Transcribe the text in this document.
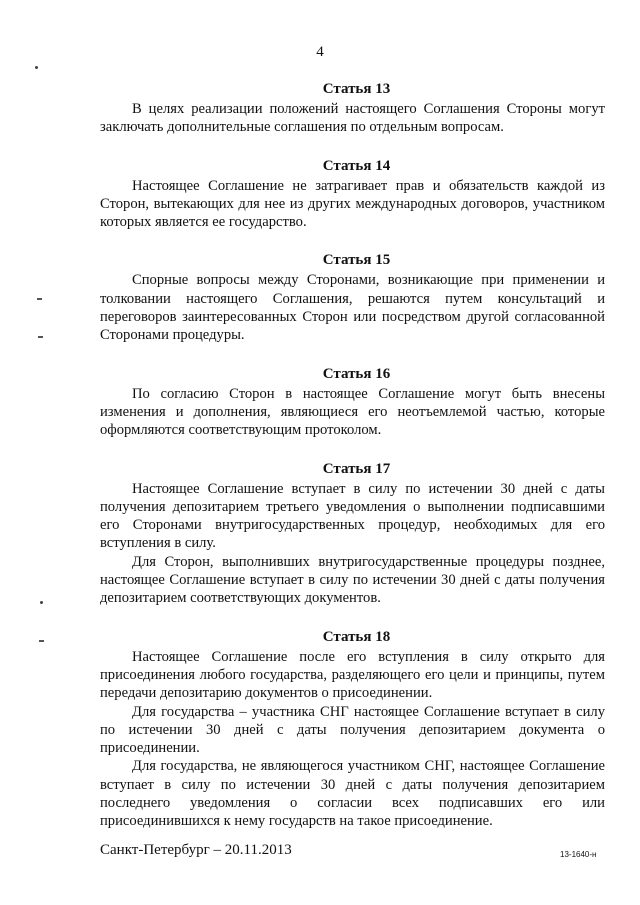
4
Статья 13

В целях реализации положений настоящего Соглашения Стороны могут заключать дополнительные соглашения по отдельным вопросам.

Статья 14

Настоящее Соглашение не затрагивает прав и обязательств каждой из Сторон, вытекающих для нее из других международных договоров, участником которых является ее государство.

Статья 15

Спорные вопросы между Сторонами, возникающие при применении и толковании настоящего Соглашения, решаются путем консультаций и переговоров заинтересованных Сторон или посредством другой согласованной Сторонами процедуры.

Статья 16

По согласию Сторон в настоящее Соглашение могут быть внесены изменения и дополнения, являющиеся его неотъемлемой частью, которые оформляются соответствующим протоколом.

Статья 17

Настоящее Соглашение вступает в силу по истечении 30 дней с даты получения депозитарием третьего уведомления о выполнении подписавшими его Сторонами внутригосударственных процедур, необходимых для его вступления в силу.

Для Сторон, выполнивших внутригосударственные процедуры позднее, настоящее Соглашение вступает в силу по истечении 30 дней с даты получения депозитарием соответствующих документов.

Статья 18

Настоящее Соглашение после его вступления в силу открыто для присоединения любого государства, разделяющего его цели и принципы, путем передачи депозитарию документов о присоединении.

Для государства – участника СНГ настоящее Соглашение вступает в силу по истечении 30 дней с даты получения депозитарием документа о присоединении.

Для государства, не являющегося участником СНГ, настоящее Соглашение вступает в силу по истечении 30 дней с даты получения депозитарием последнего уведомления о согласии всех подписавших его или присоединившихся к нему государств на такое присоединение.

Санкт-Петербург – 20.11.2013	13-1640-н
